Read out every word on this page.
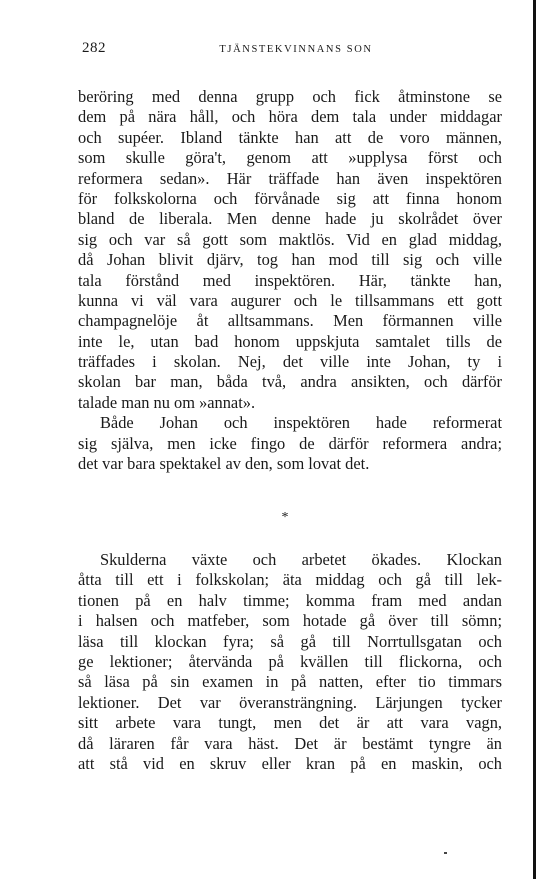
282	TJÄNSTEKVINNANS SON
beröring med denna grupp och fick åtminstone se
dem på nära håll, och höra dem tala under middagar
och supéer. Ibland tänkte han att de voro männen,
som skulle göra't, genom att »upplysa först och
reformera sedan». Här träffade han även inspektören
för folkskolorna och förvånade sig att finna honom
bland de liberala. Men denne hade ju skolrådet över
sig och var så gott som maktlös. Vid en glad middag,
då Johan blivit djärv, tog han mod till sig och ville
tala förstånd med inspektören. Här, tänkte han,
kunna vi väl vara augurer och le tillsammans ett gott
champagnelöje åt alltsammans. Men förmannen ville
inte le, utan bad honom uppskjuta samtalet tills de
träffades i skolan. Nej, det ville inte Johan, ty i
skolan bar man, båda två, andra ansikten, och därför
talade man nu om »annat».
Både Johan och inspektören hade reformerat
sig själva, men icke fingo de därför reformera andra;
det var bara spektakel av den, som lovat det.
*
Skulderna växte och arbetet ökades. Klockan
åtta till ett i folkskolan; äta middag och gå till lek-
tionen på en halv timme; komma fram med andan
i halsen och matfeber, som hotade gå över till sömn;
läsa till klockan fyra; så gå till Norrtullsgatan och
ge lektioner; återvända på kvällen till flickorna, och
så läsa på sin examen in på natten, efter tio timmars
lektioner. Det var överansträngning. Lärjungen tycker
sitt arbete vara tungt, men det är att vara vagn,
då läraren får vara häst. Det är bestämt tyngre än
att stå vid en skruv eller kran på en maskin, och
